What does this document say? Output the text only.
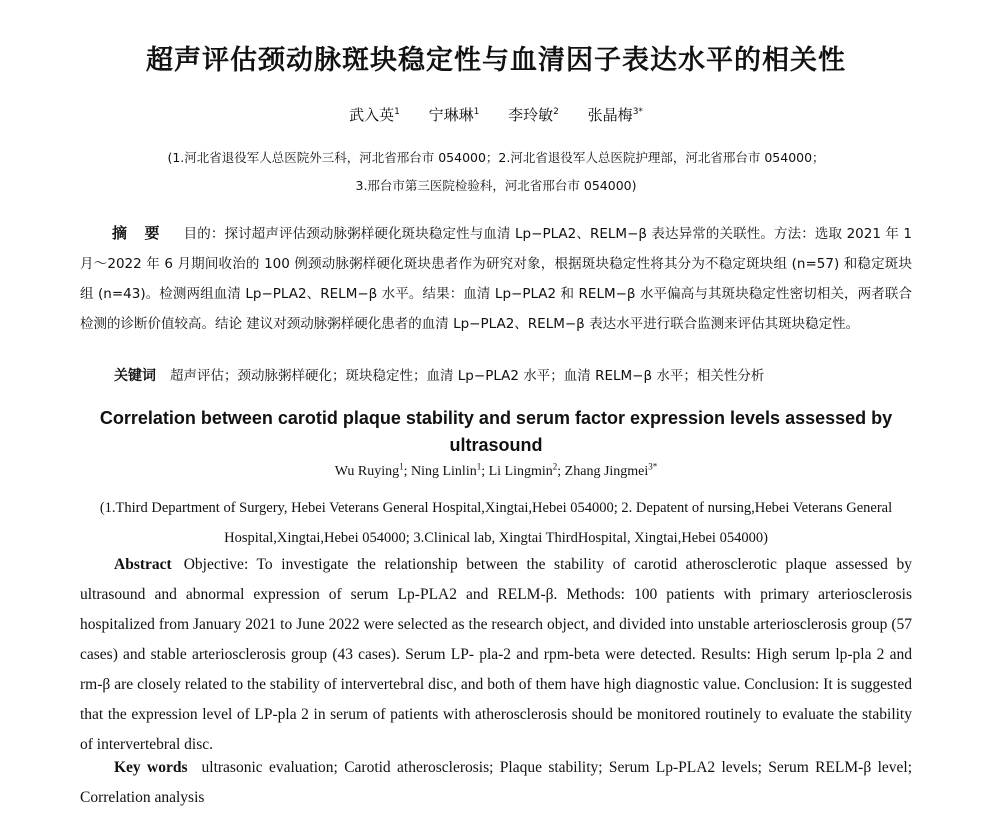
超声评估颈动脉斑块稳定性与血清因子表达水平的相关性
武入英$^1$ 宁琳琳$^1$ 李玲敏$^2$ 张晶梅$^{3*}$
(1.河北省退役军人总医院外三科，河北省邢台市 054000；2.河北省退役军人总医院护理部，河北省邢台市 054000；
3.邢台市第三医院检验科，河北省邢台市 054000)
摘 要 目的：探讨超声评估颈动脉粥样硬化斑块稳定性与血清 Lp−PLA2、RELM−β 表达异常的关联性。方法：选取 2021 年 1 月～2022 年 6 月期间收治的 100 例颈动脉粥样硬化斑块患者作为研究对象，根据斑块稳定性将其分为不稳定斑块组 (n=57) 和稳定斑块组 (n=43)。检测两组血清 Lp−PLA2、RELM−β 水平。结果：血清 Lp−PLA2 和 RELM−β 水平偏高与其斑块稳定性密切相关，两者联合检测的诊断价值较高。结论 建议对颈动脉粥样硬化患者的血清 Lp−PLA2、RELM−β 表达水平进行联合监测来评估其斑块稳定性。
关键词 超声评估；颈动脉粥样硬化；斑块稳定性；血清 Lp−PLA2 水平；血清 RELM−β 水平；相关性分析
Correlation between carotid plaque stability and serum factor expression levels assessed by ultrasound
Wu Ruying$^1$; Ning Linlin$^1$; Li Lingmin$^2$; Zhang Jingmei$^{3*}$
(1.Third Department of Surgery, Hebei Veterans General Hospital,Xingtai,Hebei 054000; 2. Depatent of nursing,Hebei Veterans General Hospital,Xingtai,Hebei 054000; 3.Clinical lab, Xingtai ThirdHospital, Xingtai,Hebei 054000)
Abstract Objective: To investigate the relationship between the stability of carotid atherosclerotic plaque assessed by ultrasound and abnormal expression of serum Lp-PLA2 and RELM-β. Methods: 100 patients with primary arteriosclerosis hospitalized from January 2021 to June 2022 were selected as the research object, and divided into unstable arteriosclerosis group (57 cases) and stable arteriosclerosis group (43 cases). Serum LP- pla-2 and rpm-beta were detected. Results: High serum lp-pla 2 and rm-β are closely related to the stability of intervertebral disc, and both of them have high diagnostic value. Conclusion: It is suggested that the expression level of LP-pla 2 in serum of patients with atherosclerosis should be monitored routinely to evaluate the stability of intervertebral disc.
Key words ultrasonic evaluation; Carotid atherosclerosis; Plaque stability; Serum Lp-PLA2 levels; Serum RELM-β level; Correlation analysis
